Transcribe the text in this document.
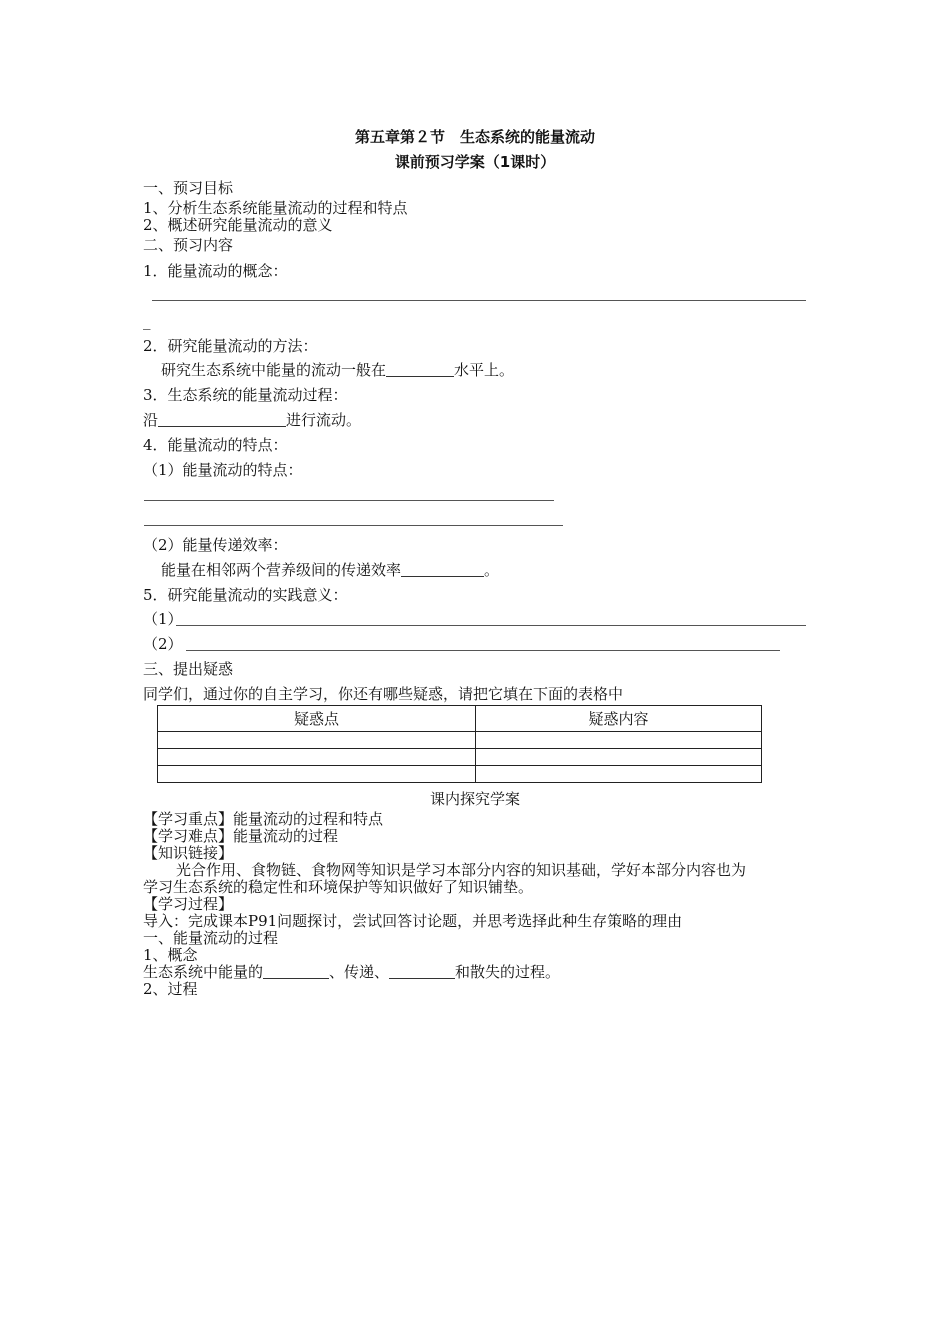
第五章第２节　生态系统的能量流动
课前预习学案（1课时）
一、预习目标
1、分析生态系统能量流动的过程和特点
2、概述研究能量流动的意义
二、预习内容
1．能量流动的概念：
_
2．研究能量流动的方法：
研究生态系统中能量的流动一般在	水平上。
3．生态系统的能量流动过程：
沿	进行流动。
4．能量流动的特点：
（1）能量流动的特点：
（2）能量传递效率：
能量在相邻两个营养级间的传递效率	。
5．研究能量流动的实践意义：
（1）
（2）
三、提出疑惑
同学们，通过你的自主学习，你还有哪些疑惑，请把它填在下面的表格中
疑惑点	疑惑内容

课内探究学案
【学习重点】能量流动的过程和特点
【学习难点】能量流动的过程
【知识链接】
光合作用、食物链、食物网等知识是学习本部分内容的知识基础，学好本部分内容也为
学习生态系统的稳定性和环境保护等知识做好了知识铺垫。
【学习过程】
导入：完成课本P91问题探讨，尝试回答讨论题，并思考选择此种生存策略的理由
一、能量流动的过程
1、概念
生态系统中能量的	、传递、	和散失的过程。
2、过程
